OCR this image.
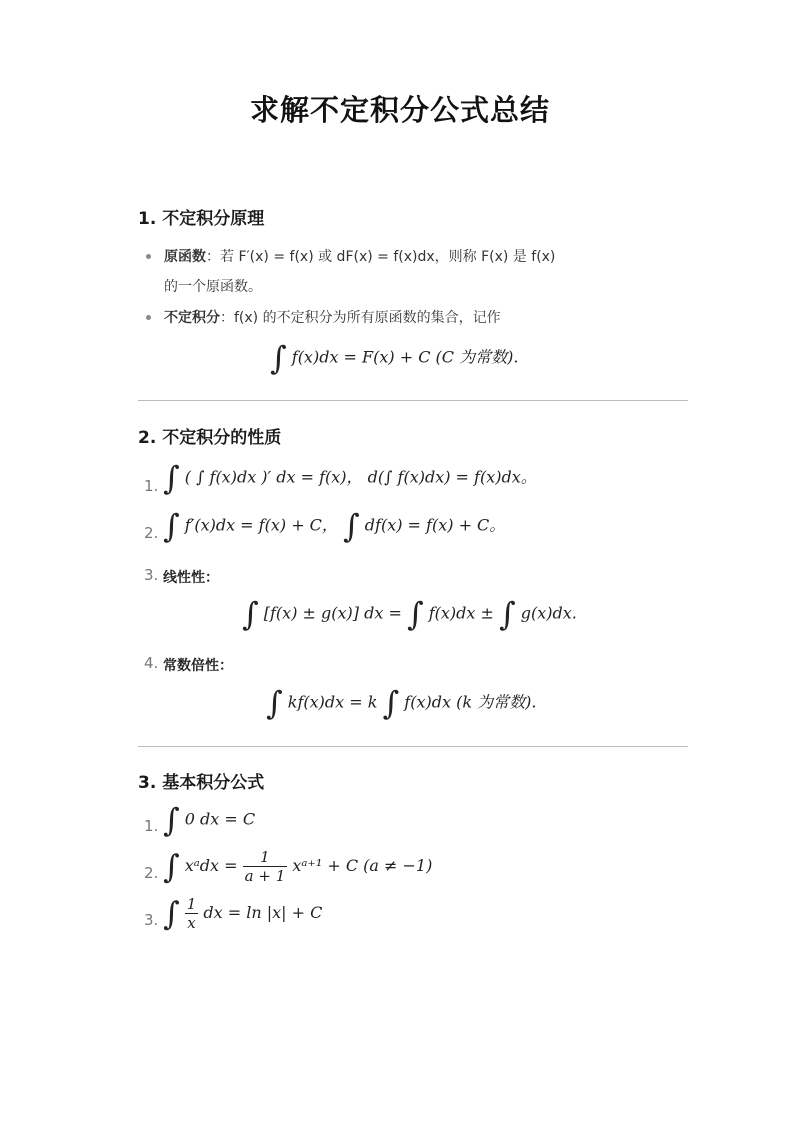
求解不定积分公式总结
1. 不定积分原理
原函数：若 F′(x) = f(x) 或 dF(x) = f(x)dx，则称 F(x) 是 f(x)
的一个原函数。
不定积分：f(x) 的不定积分为所有原函数的集合，记作
∫ f(x)dx = F(x) + C (C 为常数).
2. 不定积分的性质
1. ∫ ( ∫ f(x)dx )′ dx = f(x)， d(∫ f(x)dx) = f(x)dx。
2. ∫ f′(x)dx = f(x) + C， ∫ df(x) = f(x) + C。
3. 线性性：
∫ [f(x) ± g(x)] dx = ∫ f(x)dx ± ∫ g(x)dx.
4. 常数倍性：
∫ kf(x)dx = k ∫ f(x)dx (k 为常数).
3. 基本积分公式
1. ∫ 0 dx = C
2. ∫ xᵃdx = $\frac{1}{a + 1}$ xᵃ⁺¹ + C (a ≠ −1)
3. ∫ $\frac{1}{x}$ dx = ln |x| + C
